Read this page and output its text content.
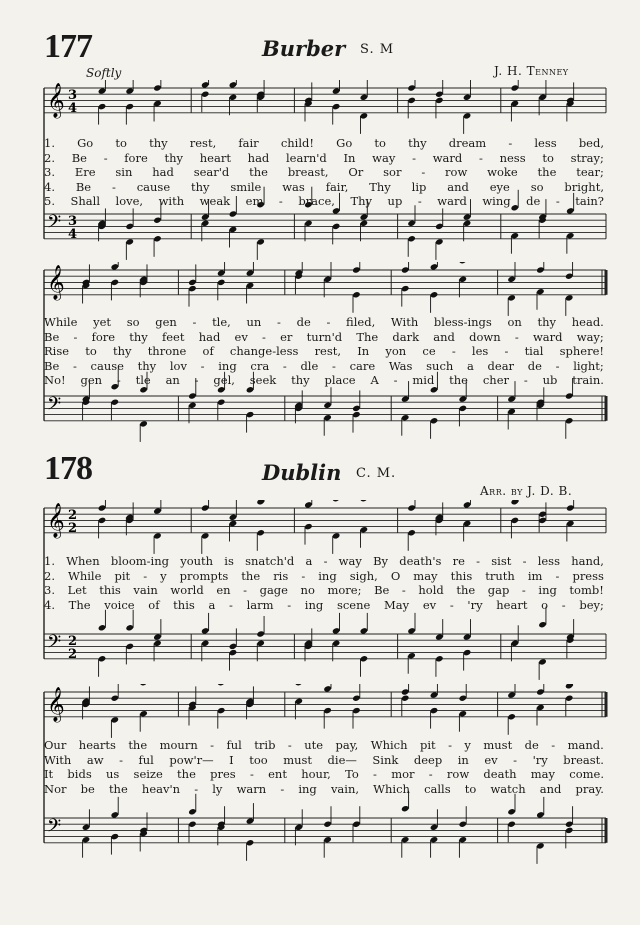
177	Burber S. M
Softly	J. H. Tenney
𝄞 3
4
𝄢 3
4
1. Go to thy rest, fair child! Go to thy dream - less bed,
2. Be - fore thy heart had learn'd In way - ward - ness to stray;
3. Ere sin had sear'd the breast, Or sor - row woke the tear;
4. Be - cause thy smile was fair, Thy lip and eye so bright,
5. Shall love, with weak em - brace, Thy up - ward wing de - tain?
𝄞
𝄢
While yet so gen - tle, un - de - filed, With bless-ings on thy head.
Be - fore thy feet had ev - er turn'd The dark and down - ward way;
Rise to thy throne of change-less rest, In yon ce - les - tial sphere!
Be - cause thy lov - ing cra - dle - care Was such a dear de - light;
No! gen - tle an - gel, seek thy place A - mid the cher - ub train.
178	Dublin C. M.
Arr. by J. D. B.
𝄞 2
2
𝄢 2
2
1. When bloom-ing youth is snatch'd a - way By death's re - sist - less hand,
2. While pit - y prompts the ris - ing sigh, O may this truth im - press
3. Let this vain world en - gage no more; Be - hold the gap - ing tomb!
4. The voice of this a - larm - ing scene May ev - 'ry heart o - bey;
𝄞
𝄢
Our hearts the mourn - ful trib - ute pay, Which pit - y must de - mand.
With aw - ful pow'r— I too must die— Sink deep in ev - 'ry breast.
It bids us seize the pres - ent hour, To - mor - row death may come.
Nor be the heav'n - ly warn - ing vain, Which calls to watch and pray.
